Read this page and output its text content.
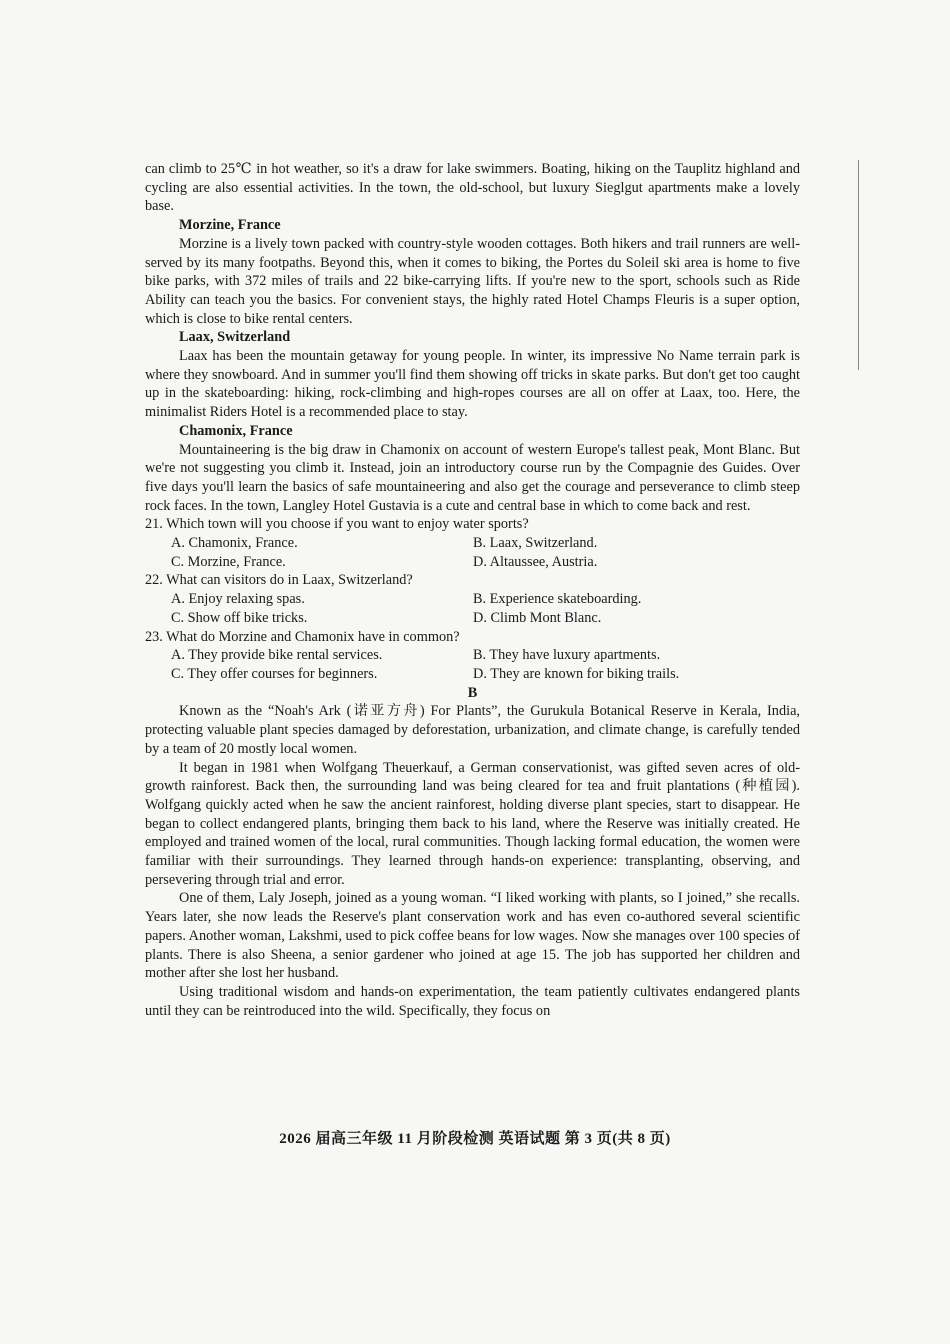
can climb to 25℃ in hot weather, so it's a draw for lake swimmers. Boating, hiking on the Tauplitz highland and cycling are also essential activities. In the town, the old-school, but luxury Sieglgut apartments make a lovely base.

Morzine, France

Morzine is a lively town packed with country-style wooden cottages. Both hikers and trail runners are well-served by its many footpaths. Beyond this, when it comes to biking, the Portes du Soleil ski area is home to five bike parks, with 372 miles of trails and 22 bike-carrying lifts. If you're new to the sport, schools such as Ride Ability can teach you the basics. For convenient stays, the highly rated Hotel Champs Fleuris is a super option, which is close to bike rental centers.

Laax, Switzerland

Laax has been the mountain getaway for young people. In winter, its impressive No Name terrain park is where they snowboard. And in summer you'll find them showing off tricks in skate parks. But don't get too caught up in the skateboarding: hiking, rock-climbing and high-ropes courses are all on offer at Laax, too. Here, the minimalist Riders Hotel is a recommended place to stay.

Chamonix, France

Mountaineering is the big draw in Chamonix on account of western Europe's tallest peak, Mont Blanc. But we're not suggesting you climb it. Instead, join an introductory course run by the Compagnie des Guides. Over five days you'll learn the basics of safe mountaineering and also get the courage and perseverance to climb steep rock faces. In the town, Langley Hotel Gustavia is a cute and central base in which to come back and rest.

21. Which town will you choose if you want to enjoy water sports?

A. Chamonix, France.	B. Laax, Switzerland.
C. Morzine, France.	D. Altaussee, Austria.

22. What can visitors do in Laax, Switzerland?

A. Enjoy relaxing spas.	B. Experience skateboarding.
C. Show off bike tricks.	D. Climb Mont Blanc.

23. What do Morzine and Chamonix have in common?

A. They provide bike rental services.	B. They have luxury apartments.
C. They offer courses for beginners.	D. They are known for biking trails.

B

Known as the “Noah's Ark (诺亚方舟) For Plants”, the Gurukula Botanical Reserve in Kerala, India, protecting valuable plant species damaged by deforestation, urbanization, and climate change, is carefully tended by a team of 20 mostly local women.

It began in 1981 when Wolfgang Theuerkauf, a German conservationist, was gifted seven acres of old-growth rainforest. Back then, the surrounding land was being cleared for tea and fruit plantations (种植园). Wolfgang quickly acted when he saw the ancient rainforest, holding diverse plant species, start to disappear. He began to collect endangered plants, bringing them back to his land, where the Reserve was initially created. He employed and trained women of the local, rural communities. Though lacking formal education, the women were familiar with their surroundings. They learned through hands-on experience: transplanting, observing, and persevering through trial and error.

One of them, Laly Joseph, joined as a young woman. “I liked working with plants, so I joined,” she recalls. Years later, she now leads the Reserve's plant conservation work and has even co-authored several scientific papers. Another woman, Lakshmi, used to pick coffee beans for low wages. Now she manages over 100 species of plants. There is also Sheena, a senior gardener who joined at age 15. The job has supported her children and mother after she lost her husband.

Using traditional wisdom and hands-on experimentation, the team patiently cultivates endangered plants until they can be reintroduced into the wild. Specifically, they focus on

2026 届高三年级 11 月阶段检测 英语试题 第 3 页(共 8 页)
